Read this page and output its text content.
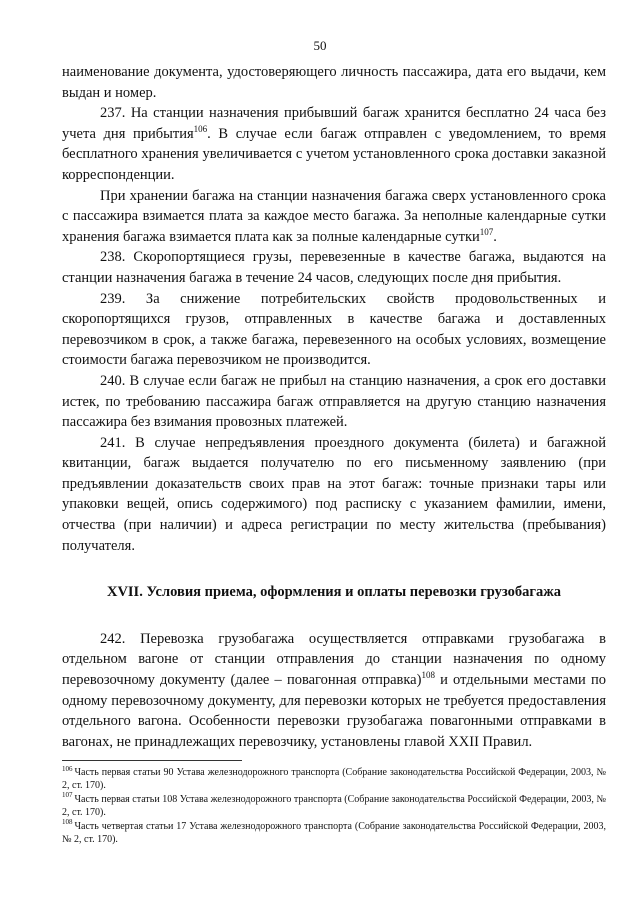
50

наименование документа, удостоверяющего личность пассажира, дата его выдачи, кем выдан и номер.

237. На станции назначения прибывший багаж хранится бесплатно 24 часа без учета дня прибытия$^{106}$. В случае если багаж отправлен с уведомлением, то время бесплатного хранения увеличивается с учетом установленного срока доставки заказной корреспонденции.

При хранении багажа на станции назначения багажа сверх установленного срока с пассажира взимается плата за каждое место багажа. За неполные календарные сутки хранения багажа взимается плата как за полные календарные сутки$^{107}$.

238. Скоропортящиеся грузы, перевезенные в качестве багажа, выдаются на станции назначения багажа в течение 24 часов, следующих после дня прибытия.

239. За снижение потребительских свойств продовольственных и скоропортящихся грузов, отправленных в качестве багажа и доставленных перевозчиком в срок, а также багажа, перевезенного на особых условиях, возмещение стоимости багажа перевозчиком не производится.

240. В случае если багаж не прибыл на станцию назначения, а срок его доставки истек, по требованию пассажира багаж отправляется на другую станцию назначения пассажира без взимания провозных платежей.

241. В случае непредъявления проездного документа (билета) и багажной квитанции, багаж выдается получателю по его письменному заявлению (при предъявлении доказательств своих прав на этот багаж: точные признаки тары или упаковки вещей, опись содержимого) под расписку с указанием фамилии, имени, отчества (при наличии) и адреса регистрации по месту жительства (пребывания) получателя.

XVII. Условия приема, оформления и оплаты перевозки грузобагажа

242. Перевозка грузобагажа осуществляется отправками грузобагажа в отдельном вагоне от станции отправления до станции назначения по одному перевозочному документу (далее – повагонная отправка)$^{108}$ и отдельными местами по одному перевозочному документу, для перевозки которых не требуется предоставления отдельного вагона. Особенности перевозки грузобагажа повагонными отправками в вагонах, не принадлежащих перевозчику, установлены главой XXII Правил.

$^{106}$ Часть первая статьи 90 Устава железнодорожного транспорта (Собрание законодательства Российской Федерации, 2003, № 2, ст. 170).

$^{107}$ Часть первая статьи 108 Устава железнодорожного транспорта (Собрание законодательства Российской Федерации, 2003, № 2, ст. 170).

$^{108}$ Часть четвертая статьи 17 Устава железнодорожного транспорта (Собрание законодательства Российской Федерации, 2003, № 2, ст. 170).
